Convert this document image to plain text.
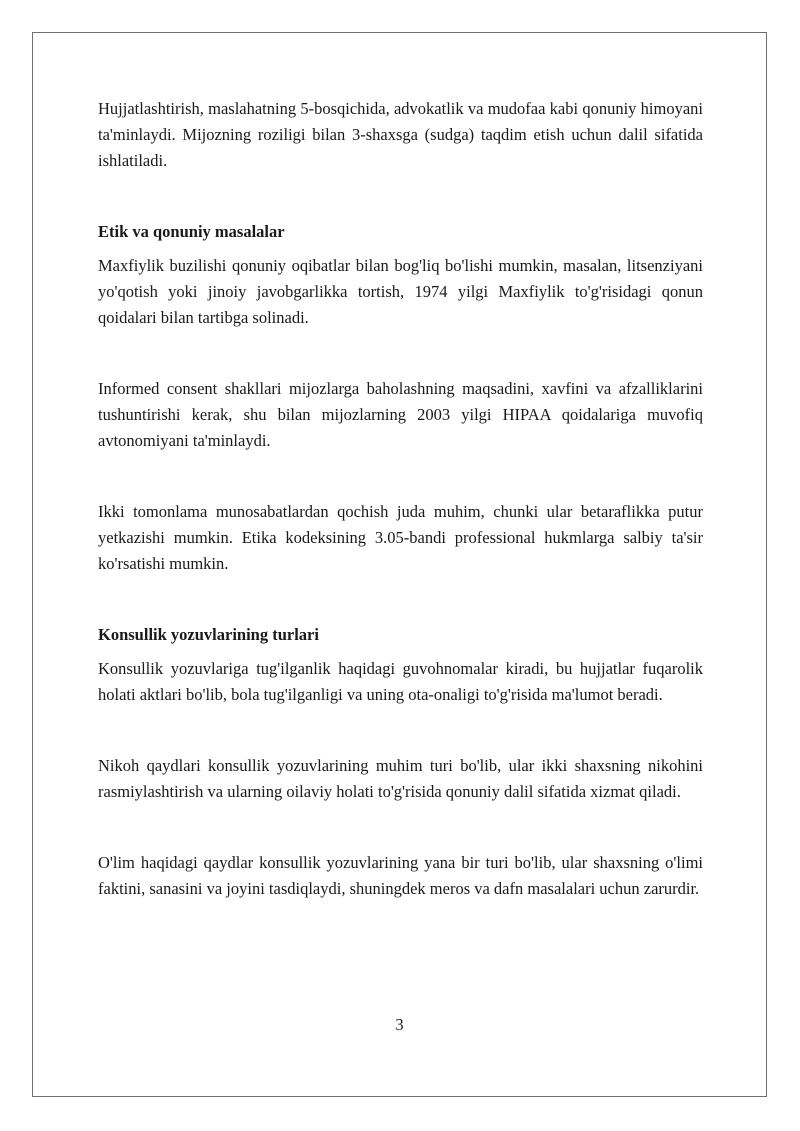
Hujjatlashtirish, maslahatning 5-bosqichida, advokatlik va mudofaa kabi qonuniy himoyani ta'minlaydi. Mijozning roziligi bilan 3-shaxsga (sudga) taqdim etish uchun dalil sifatida ishlatiladi.

Etik va qonuniy masalalar

Maxfiylik buzilishi qonuniy oqibatlar bilan bog'liq bo'lishi mumkin, masalan, litsenziyani yo'qotish yoki jinoiy javobgarlikka tortish, 1974 yilgi Maxfiylik to'g'risidagi qonun qoidalari bilan tartibga solinadi.

Informed consent shakllari mijozlarga baholashning maqsadini, xavfini va afzalliklarini tushuntirishi kerak, shu bilan mijozlarning 2003 yilgi HIPAA qoidalariga muvofiq avtonomiyani ta'minlaydi.

Ikki tomonlama munosabatlardan qochish juda muhim, chunki ular betaraflikka putur yetkazishi mumkin. Etika kodeksining 3.05-bandi professional hukmlarga salbiy ta'sir ko'rsatishi mumkin.

Konsullik yozuvlarining turlari

Konsullik yozuvlariga tug'ilganlik haqidagi guvohnomalar kiradi, bu hujjatlar fuqarolik holati aktlari bo'lib, bola tug'ilganligi va uning ota-onaligi to'g'risida ma'lumot beradi.

Nikoh qaydlari konsullik yozuvlarining muhim turi bo'lib, ular ikki shaxsning nikohini rasmiylashtirish va ularning oilaviy holati to'g'risida qonuniy dalil sifatida xizmat qiladi.

O'lim haqidagi qaydlar konsullik yozuvlarining yana bir turi bo'lib, ular shaxsning o'limi faktini, sanasini va joyini tasdiqlaydi, shuningdek meros va dafn masalalari uchun zarurdir.

3
